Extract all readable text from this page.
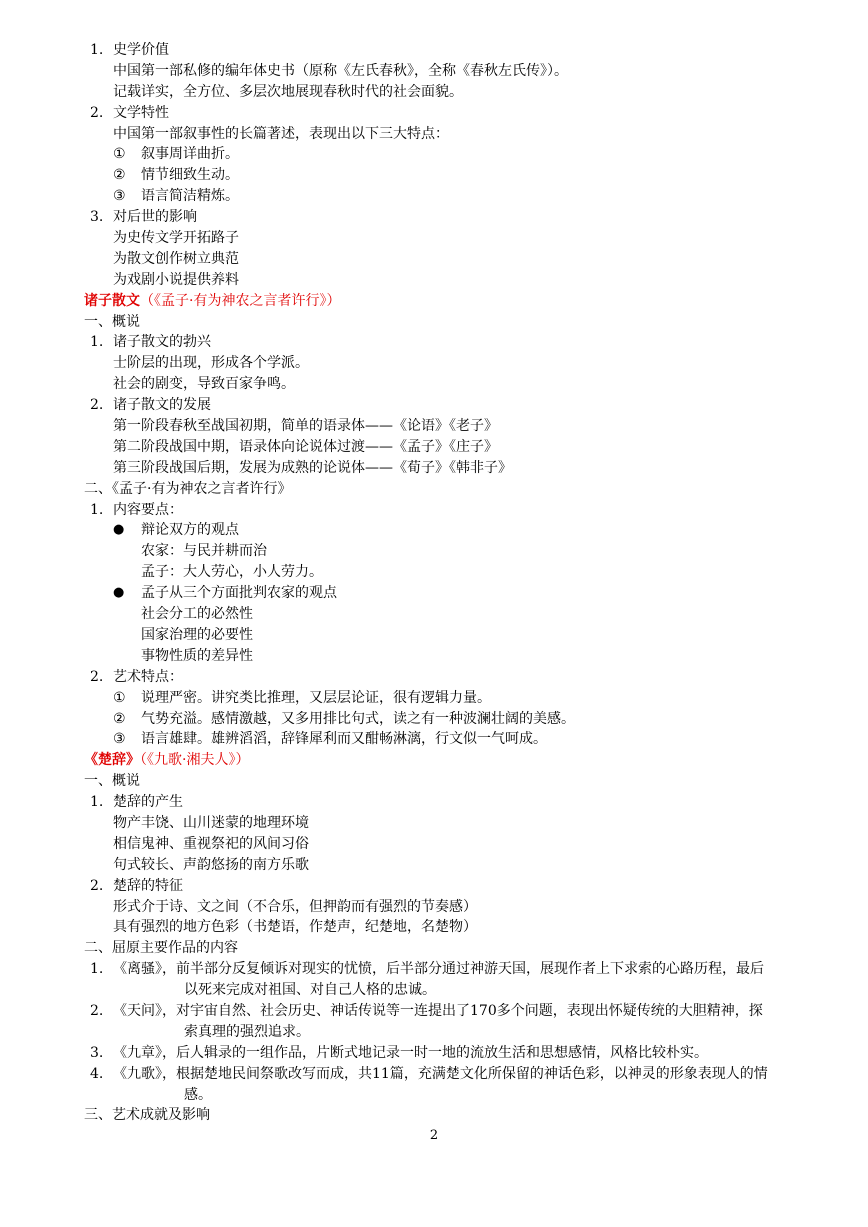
1. 史学价值
中国第一部私修的编年体史书（原称《左氏春秋》，全称《春秋左氏传》）。
记载详实，全方位、多层次地展现春秋时代的社会面貌。
2. 文学特性
中国第一部叙事性的长篇著述，表现出以下三大特点：
① 叙事周详曲折。
② 情节细致生动。
③ 语言简洁精炼。
3. 对后世的影响
为史传文学开拓路子
为散文创作树立典范
为戏剧小说提供养料
诸子散文（《孟子·有为神农之言者许行》）
一、概说
1. 诸子散文的勃兴
士阶层的出现，形成各个学派。
社会的剧变，导致百家争鸣。
2. 诸子散文的发展
第一阶段春秋至战国初期，简单的语录体——《论语》《老子》
第二阶段战国中期，语录体向论说体过渡——《孟子》《庄子》
第三阶段战国后期，发展为成熟的论说体——《荀子》《韩非子》
二、《孟子·有为神农之言者许行》
1. 内容要点：
● 辩论双方的观点
农家：与民并耕而治
孟子：大人劳心，小人劳力。
● 孟子从三个方面批判农家的观点
社会分工的必然性
国家治理的必要性
事物性质的差异性
2. 艺术特点：
① 说理严密。讲究类比推理，又层层论证，很有逻辑力量。
② 气势充溢。感情激越，又多用排比句式，读之有一种波澜壮阔的美感。
③ 语言雄肆。雄辨滔滔，辞锋犀利而又酣畅淋漓，行文似一气呵成。
《楚辞》（《九歌·湘夫人》）
一、概说
1. 楚辞的产生
物产丰饶、山川迷蒙的地理环境
相信鬼神、重视祭祀的风间习俗
句式较长、声韵悠扬的南方乐歌
2. 楚辞的特征
形式介于诗、文之间（不合乐，但押韵而有强烈的节奏感）
具有强烈的地方色彩（书楚语，作楚声，纪楚地，名楚物）
二、屈原主要作品的内容
1. 《离骚》，前半部分反复倾诉对现实的忧愤，后半部分通过神游天国，展现作者上下求索的心路历程，最后
以死来完成对祖国、对自己人格的忠诚。
2. 《天问》，对宇宙自然、社会历史、神话传说等一连提出了170多个问题，表现出怀疑传统的大胆精神，探
索真理的强烈追求。
3. 《九章》，后人辑录的一组作品，片断式地记录一时一地的流放生活和思想感情，风格比较朴实。
4. 《九歌》，根据楚地民间祭歌改写而成，共11篇，充满楚文化所保留的神话色彩，以神灵的形象表现人的情
感。
三、艺术成就及影响
2
